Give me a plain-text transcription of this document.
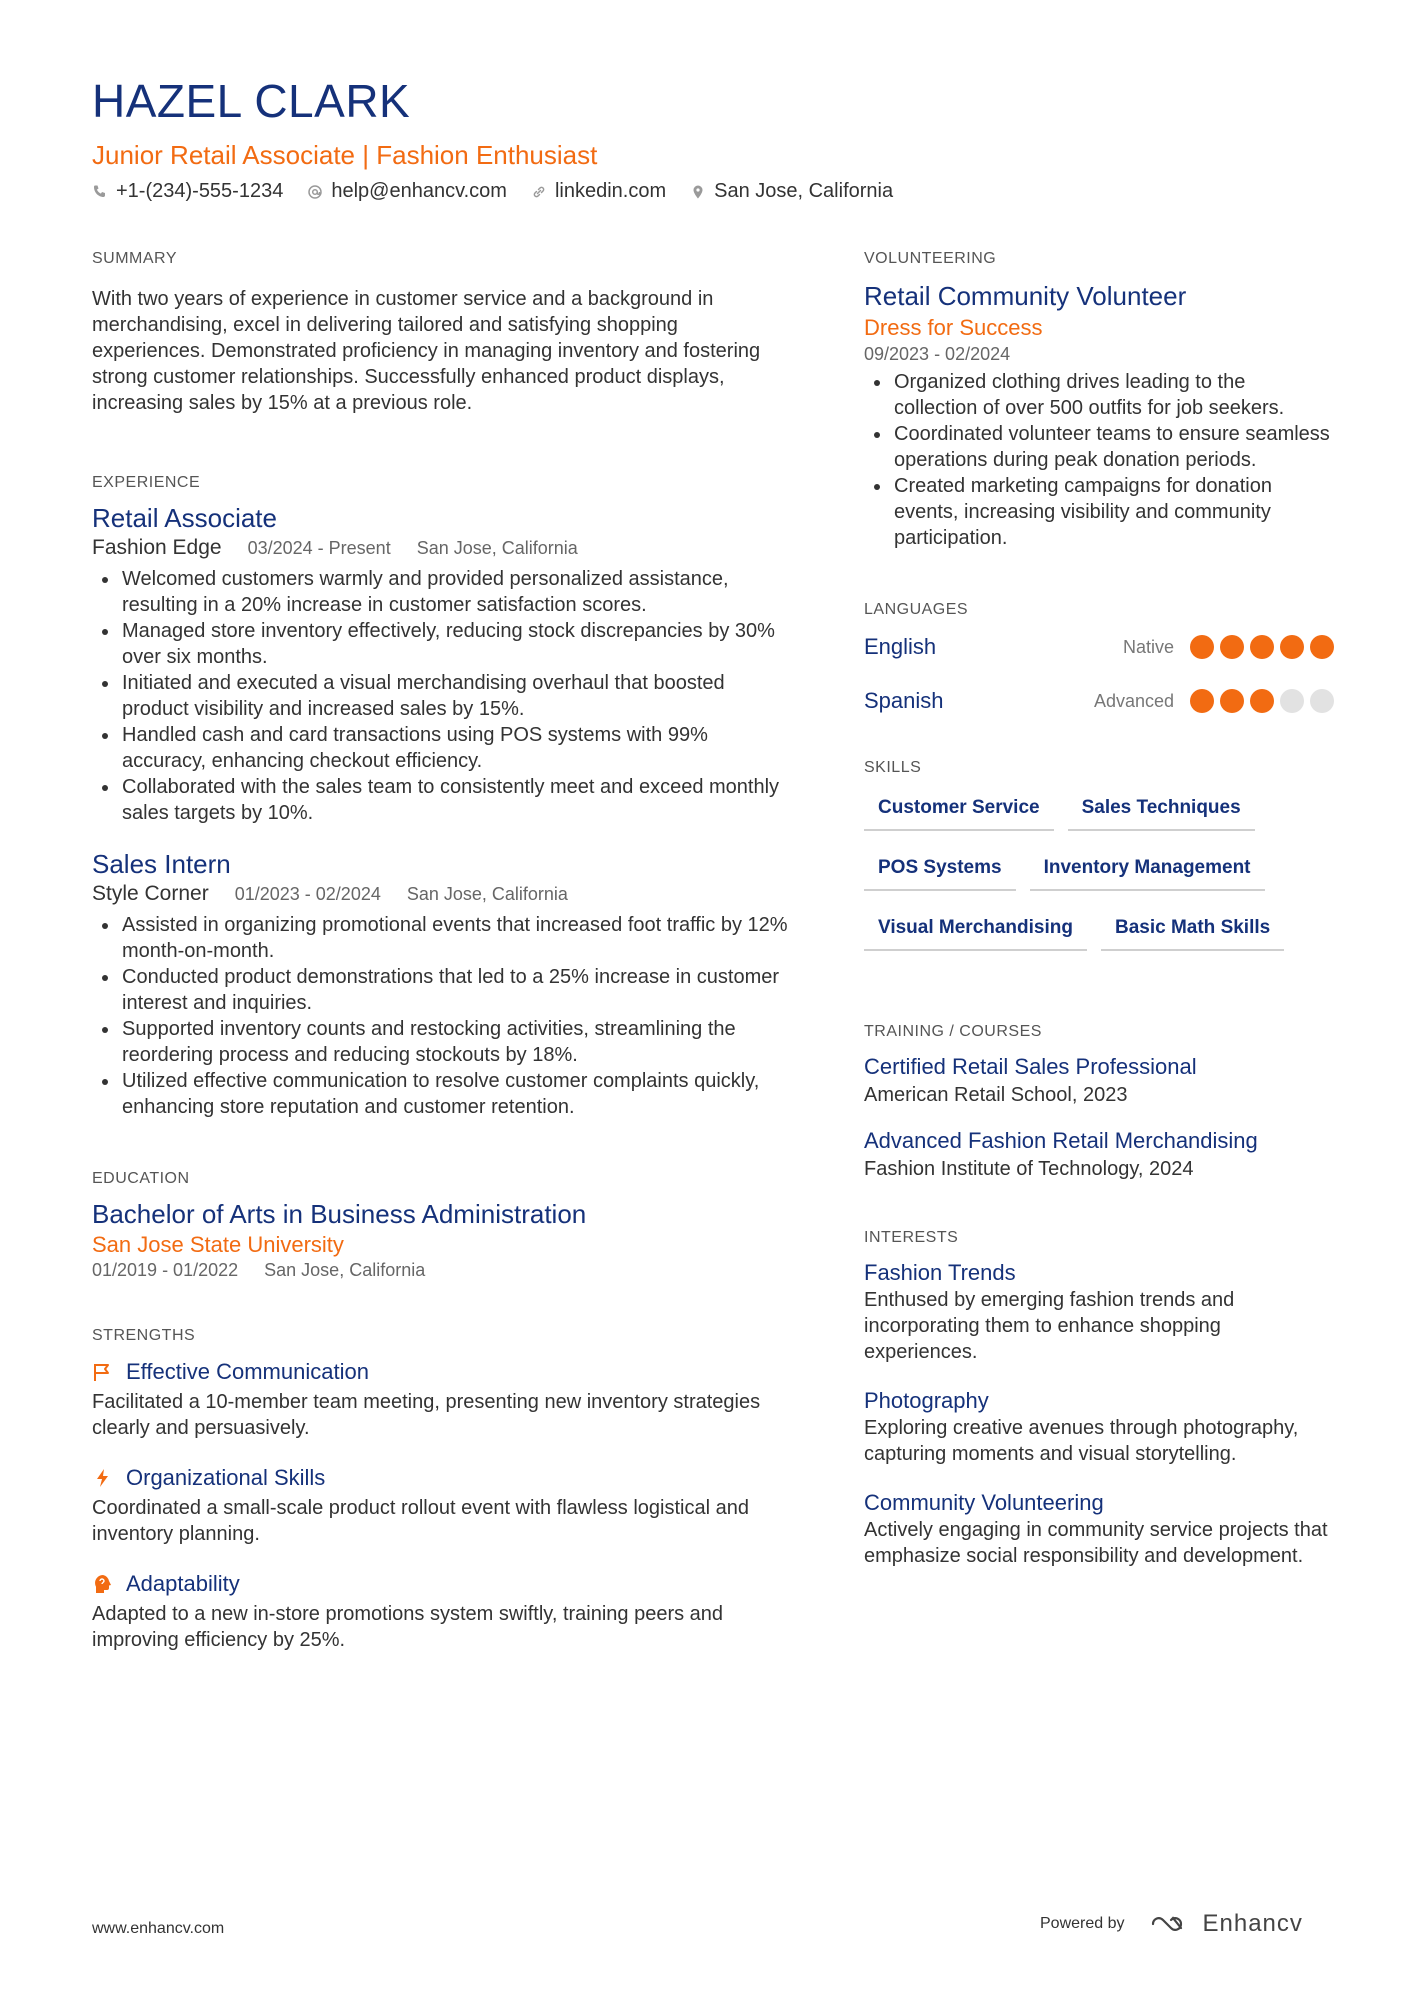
HAZEL CLARK
Junior Retail Associate | Fashion Enthusiast
+1-(234)-555-1234 help@enhancv.com linkedin.com San Jose, California
SUMMARY

With two years of experience in customer service and a background in merchandising, excel in delivering tailored and satisfying shopping experiences. Demonstrated proficiency in managing inventory and fostering strong customer relationships. Successfully enhanced product displays, increasing sales by 15% at a previous role.

EXPERIENCE
Retail Associate
Fashion Edge 03/2024 - Present San Jose, California
• Welcomed customers warmly and provided personalized assistance, resulting in a 20% increase in customer satisfaction scores.
• Managed store inventory effectively, reducing stock discrepancies by 30% over six months.
• Initiated and executed a visual merchandising overhaul that boosted product visibility and increased sales by 15%.
• Handled cash and card transactions using POS systems with 99% accuracy, enhancing checkout efficiency.
• Collaborated with the sales team to consistently meet and exceed monthly sales targets by 10%.
Sales Intern
Style Corner 01/2023 - 02/2024 San Jose, California
• Assisted in organizing promotional events that increased foot traffic by 12% month-on-month.
• Conducted product demonstrations that led to a 25% increase in customer interest and inquiries.
• Supported inventory counts and restocking activities, streamlining the reordering process and reducing stockouts by 18%.
• Utilized effective communication to resolve customer complaints quickly, enhancing store reputation and customer retention.
EDUCATION
Bachelor of Arts in Business Administration
San Jose State University
01/2019 - 01/2022 San Jose, California
STRENGTHS
Effective Communication

Facilitated a 10-member team meeting, presenting new inventory strategies clearly and persuasively.

Organizational Skills

Coordinated a small-scale product rollout event with flawless logistical and inventory planning.

Adaptability

Adapted to a new in-store promotions system swiftly, training peers and improving efficiency by 25%.

VOLUNTEERING
Retail Community Volunteer
Dress for Success
09/2023 - 02/2024
• Organized clothing drives leading to the collection of over 500 outfits for job seekers.
• Coordinated volunteer teams to ensure seamless operations during peak donation periods.
• Created marketing campaigns for donation events, increasing visibility and community participation.
LANGUAGES
English	Native
Spanish	Advanced
SKILLS
Customer Service	Sales Techniques
POS Systems	Inventory Management
Visual Merchandising	Basic Math Skills
TRAINING / COURSES
Certified Retail Sales Professional
American Retail School, 2023
Advanced Fashion Retail Merchandising
Fashion Institute of Technology, 2024
INTERESTS
Fashion Trends

Enthused by emerging fashion trends and incorporating them to enhance shopping experiences.

Photography

Exploring creative avenues through photography, capturing moments and visual storytelling.

Community Volunteering

Actively engaging in community service projects that emphasize social responsibility and development.

www.enhancv.com	Powered by	Enhancv
